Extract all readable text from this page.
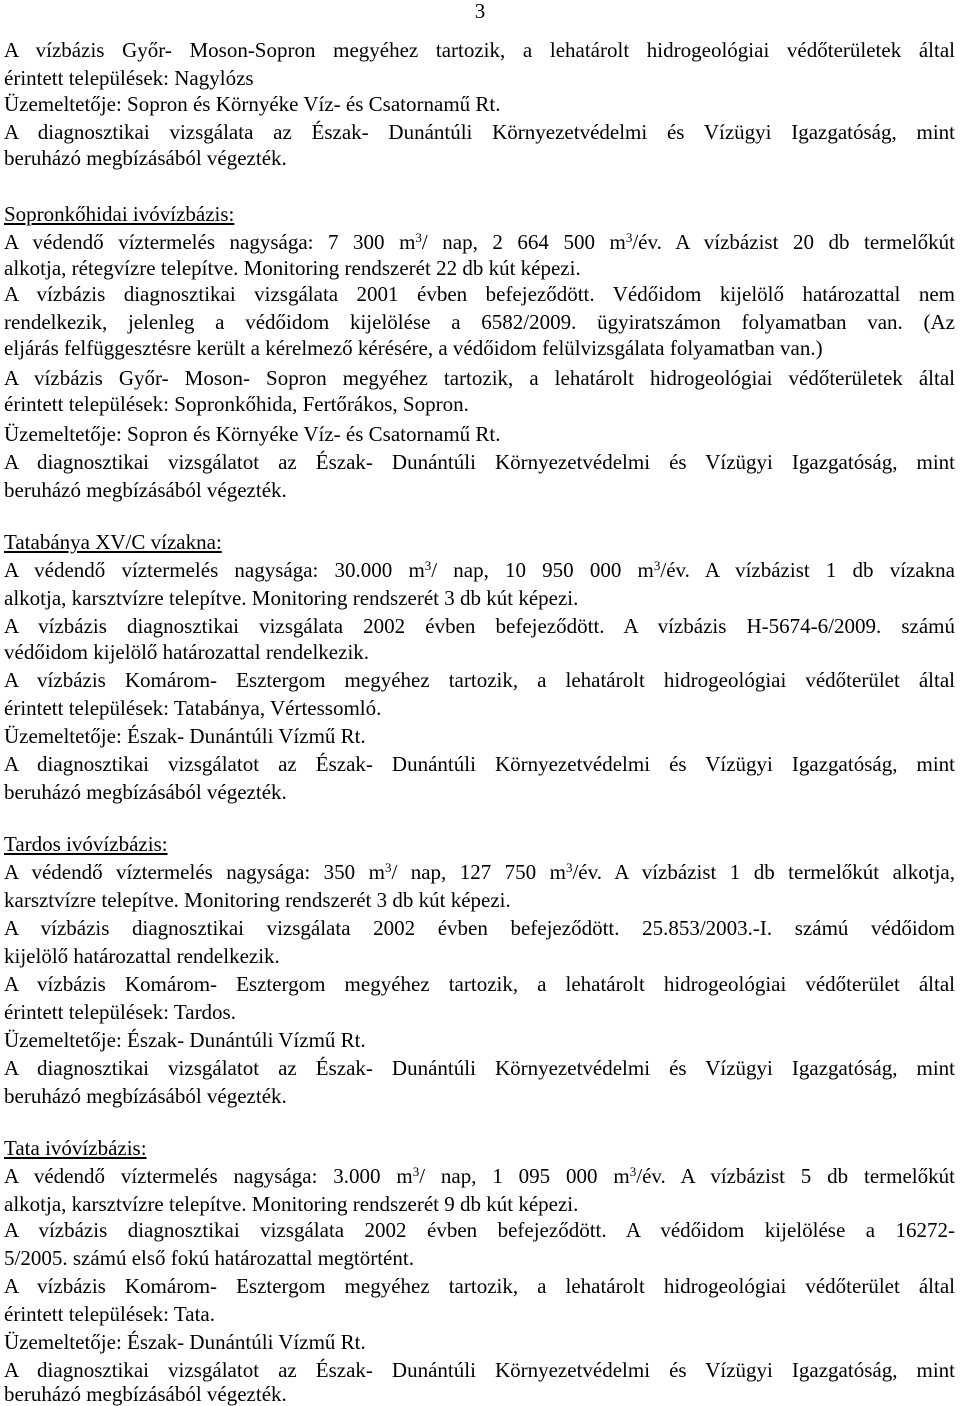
3
A vízbázis Győr- Moson-Sopron megyéhez tartozik, a lehatárolt hidrogeológiai védőterületek által
érintett települések: Nagylózs
Üzemeltetője: Sopron és Környéke Víz- és Csatornamű Rt.
A diagnosztikai vizsgálata az Észak- Dunántúli Környezetvédelmi és Vízügyi Igazgatóság, mint
beruházó megbízásából végezték.
Sopronkőhidai ivóvízbázis:
A védendő víztermelés nagysága: 7 300 $m^3/$ nap, 2 664 500 $m^3/év$. A vízbázist 20 db termelőkút
alkotja, rétegvízre telepítve. Monitoring rendszerét 22 db kút képezi.
A vízbázis diagnosztikai vizsgálata 2001 évben befejeződött. Védőidom kijelölő határozattal nem
rendelkezik, jelenleg a védőidom kijelölése a 6582/2009. ügyiratszámon folyamatban van. (Az
eljárás felfüggesztésre került a kérelmező kérésére, a védőidom felülvizsgálata folyamatban van.)
A vízbázis Győr- Moson- Sopron megyéhez tartozik, a lehatárolt hidrogeológiai védőterületek által
érintett települések: Sopronkőhida, Fertőrákos, Sopron.
Üzemeltetője: Sopron és Környéke Víz- és Csatornamű Rt.
A diagnosztikai vizsgálatot az Észak- Dunántúli Környezetvédelmi és Vízügyi Igazgatóság, mint
beruházó megbízásából végezték.
Tatabánya XV/C vízakna:
A védendő víztermelés nagysága: 30.000 $m^3/$ nap, 10 950 000 $m^3/év$. A vízbázist 1 db vízakna
alkotja, karsztvízre telepítve. Monitoring rendszerét 3 db kút képezi.
A vízbázis diagnosztikai vizsgálata 2002 évben befejeződött. A vízbázis H-5674-6/2009. számú
védőidom kijelölő határozattal rendelkezik.
A vízbázis Komárom- Esztergom megyéhez tartozik, a lehatárolt hidrogeológiai védőterület által
érintett települések: Tatabánya, Vértessomló.
Üzemeltetője: Észak- Dunántúli Vízmű Rt.
A diagnosztikai vizsgálatot az Észak- Dunántúli Környezetvédelmi és Vízügyi Igazgatóság, mint
beruházó megbízásából végezték.
Tardos ivóvízbázis:
A védendő víztermelés nagysága: 350 $m^3/$ nap, 127 750 $m^3/év$. A vízbázist 1 db termelőkút alkotja,
karsztvízre telepítve. Monitoring rendszerét 3 db kút képezi.
A vízbázis diagnosztikai vizsgálata 2002 évben befejeződött. 25.853/2003.-I. számú védőidom
kijelölő határozattal rendelkezik.
A vízbázis Komárom- Esztergom megyéhez tartozik, a lehatárolt hidrogeológiai védőterület által
érintett települések: Tardos.
Üzemeltetője: Észak- Dunántúli Vízmű Rt.
A diagnosztikai vizsgálatot az Észak- Dunántúli Környezetvédelmi és Vízügyi Igazgatóság, mint
beruházó megbízásából végezték.
Tata ivóvízbázis:
A védendő víztermelés nagysága: 3.000 $m^3/$ nap, 1 095 000 $m^3/év$. A vízbázist 5 db termelőkút
alkotja, karsztvízre telepítve. Monitoring rendszerét 9 db kút képezi.
A vízbázis diagnosztikai vizsgálata 2002 évben befejeződött. A védőidom kijelölése a 16272-
5/2005. számú első fokú határozattal megtörtént.
A vízbázis Komárom- Esztergom megyéhez tartozik, a lehatárolt hidrogeológiai védőterület által
érintett települések: Tata.
Üzemeltetője: Észak- Dunántúli Vízmű Rt.
A diagnosztikai vizsgálatot az Észak- Dunántúli Környezetvédelmi és Vízügyi Igazgatóság, mint
beruházó megbízásából végezték.
